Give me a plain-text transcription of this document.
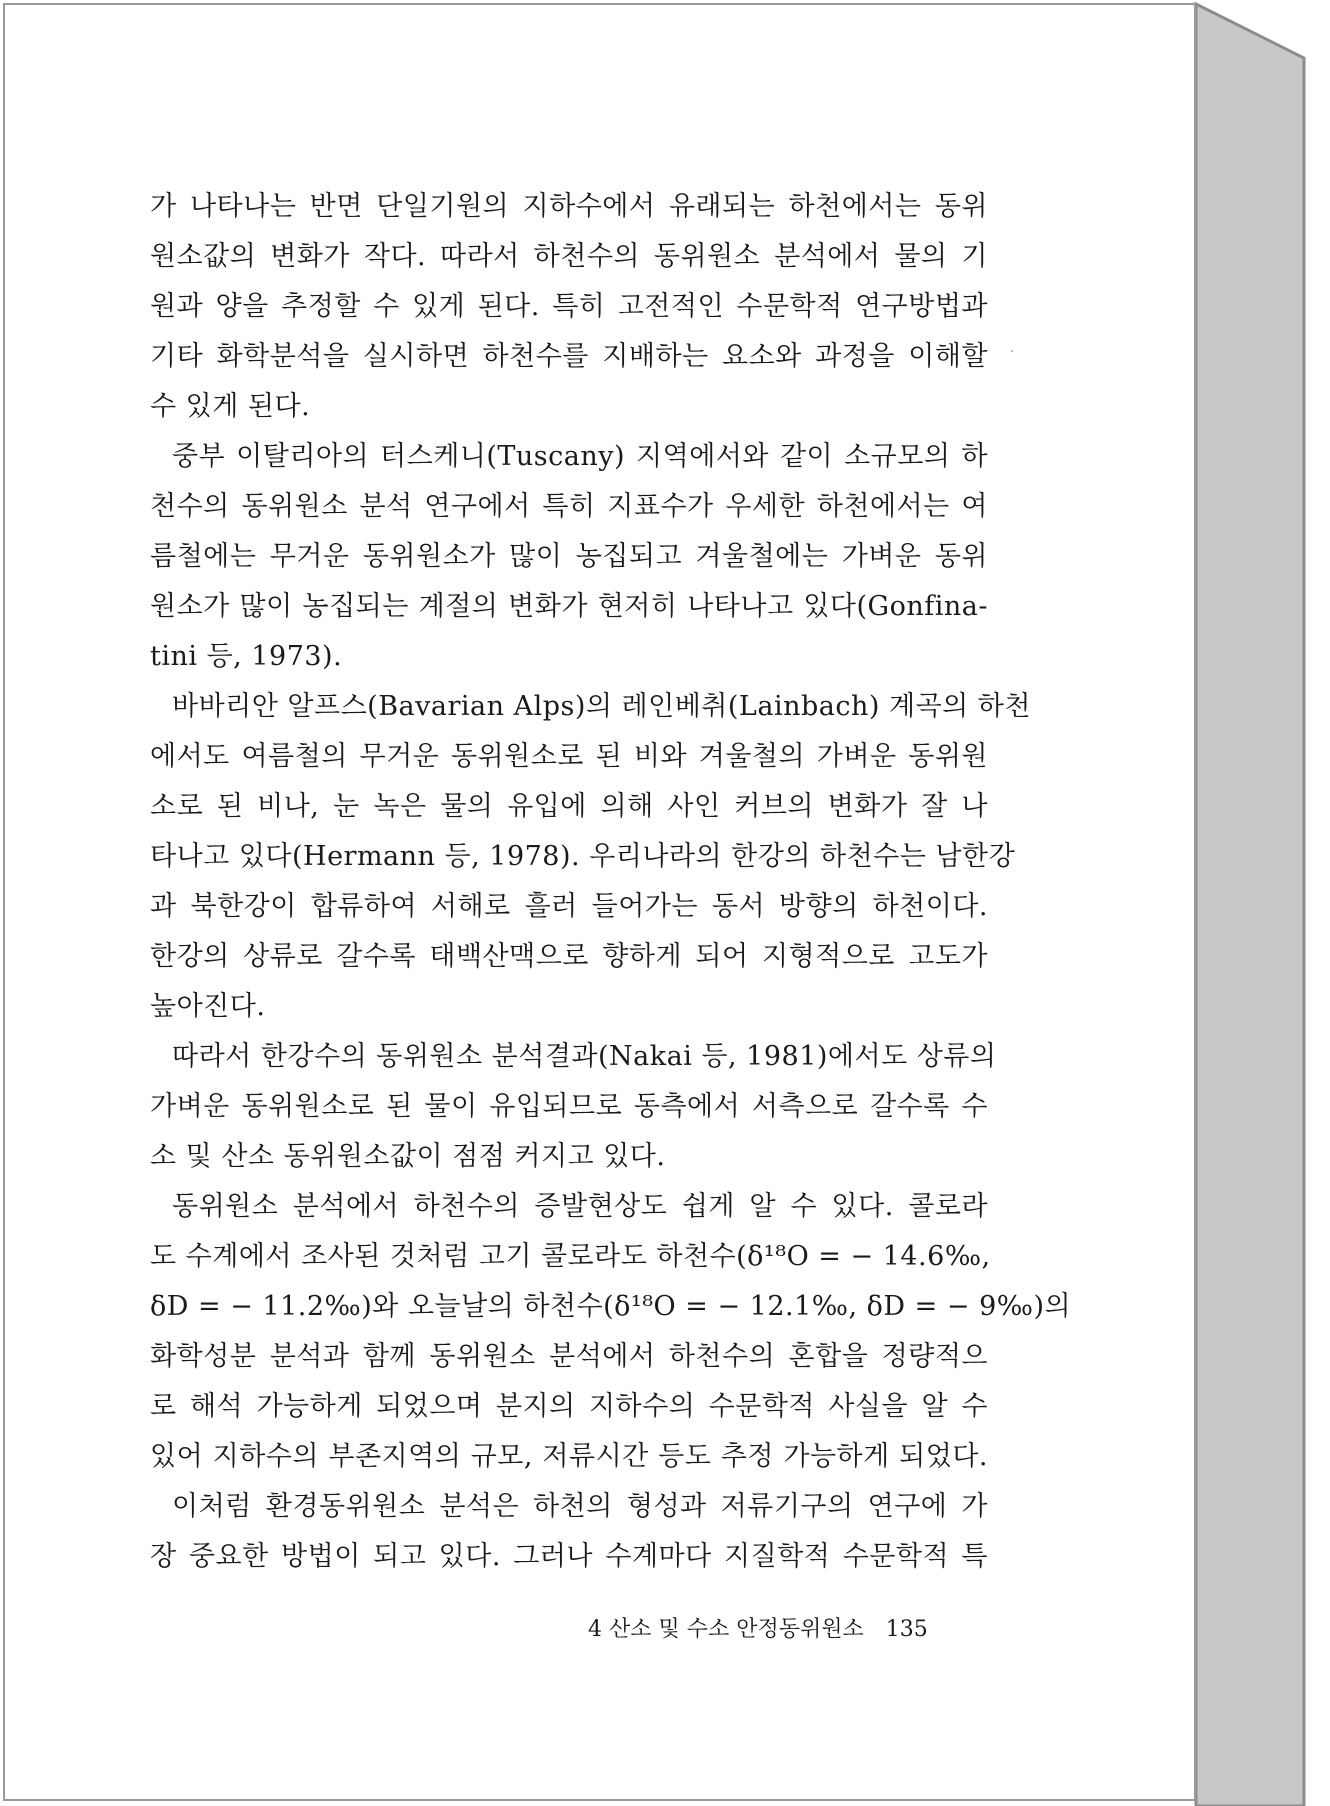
가 나타나는 반면 단일기원의 지하수에서 유래되는 하천에서는 동위
원소값의 변화가 작다. 따라서 하천수의 동위원소 분석에서 물의 기
원과 양을 추정할 수 있게 된다. 특히 고전적인 수문학적 연구방법과
기타 화학분석을 실시하면 하천수를 지배하는 요소와 과정을 이해할
수 있게 된다.
중부 이탈리아의 터스케니(Tuscany) 지역에서와 같이 소규모의 하
천수의 동위원소 분석 연구에서 특히 지표수가 우세한 하천에서는 여
름철에는 무거운 동위원소가 많이 농집되고 겨울철에는 가벼운 동위
원소가 많이 농집되는 계절의 변화가 현저히 나타나고 있다(Gonfina-
tini 등, 1973).
바바리안 알프스(Bavarian Alps)의 레인베취(Lainbach) 계곡의 하천
에서도 여름철의 무거운 동위원소로 된 비와 겨울철의 가벼운 동위원
소로 된 비나, 눈 녹은 물의 유입에 의해 사인 커브의 변화가 잘 나
타나고 있다(Hermann 등, 1978). 우리나라의 한강의 하천수는 남한강
과 북한강이 합류하여 서해로 흘러 들어가는 동서 방향의 하천이다.
한강의 상류로 갈수록 태백산맥으로 향하게 되어 지형적으로 고도가
높아진다.
따라서 한강수의 동위원소 분석결과(Nakai 등, 1981)에서도 상류의
가벼운 동위원소로 된 물이 유입되므로 동측에서 서측으로 갈수록 수
소 및 산소 동위원소값이 점점 커지고 있다.
동위원소 분석에서 하천수의 증발현상도 쉽게 알 수 있다. 콜로라
도 수계에서 조사된 것처럼 고기 콜로라도 하천수(δ¹⁸O = − 14.6‰,
δD = − 11.2‰)와 오늘날의 하천수(δ¹⁸O = − 12.1‰, δD = − 9‰)의
화학성분 분석과 함께 동위원소 분석에서 하천수의 혼합을 정량적으
로 해석 가능하게 되었으며 분지의 지하수의 수문학적 사실을 알 수
있어 지하수의 부존지역의 규모, 저류시간 등도 추정 가능하게 되었다.
이처럼 환경동위원소 분석은 하천의 형성과 저류기구의 연구에 가
장 중요한 방법이 되고 있다. 그러나 수계마다 지질학적 수문학적 특
4 산소 및 수소 안정동위원소 135
